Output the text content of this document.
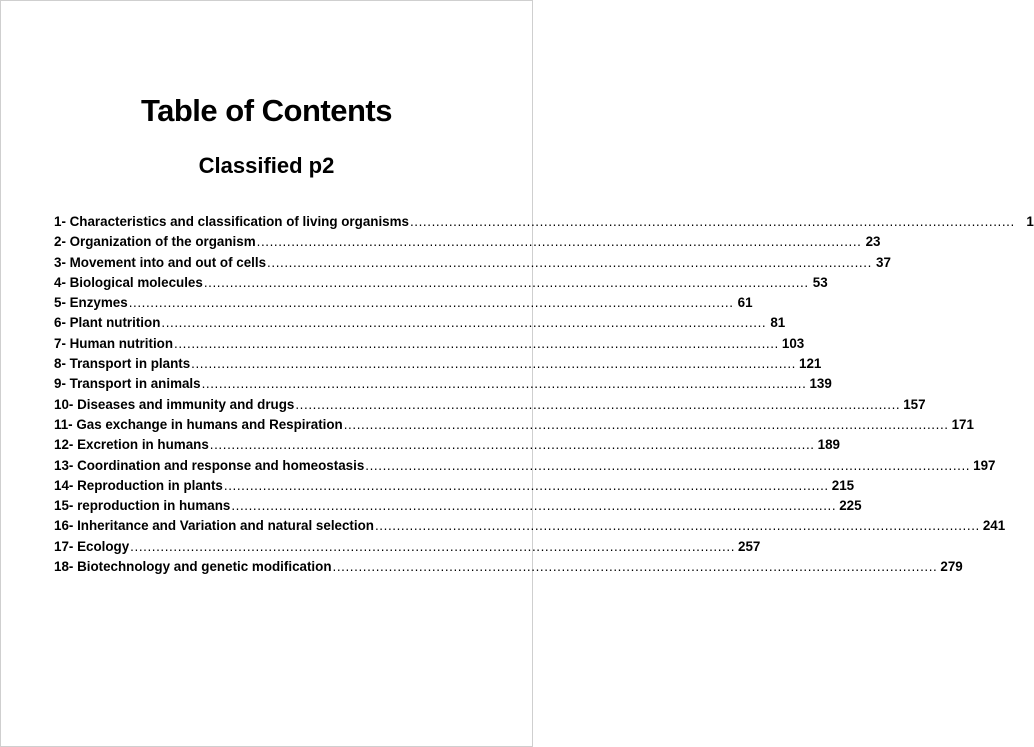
Table of Contents
Classified p2
1- Characteristics and classification of living organisms ............................................................................................................................................ 1
2- Organization of the organism ............................................................................................................................................ 23
3- Movement into and out of cells ............................................................................................................................................ 37
4- Biological molecules ............................................................................................................................................ 53
5- Enzymes ............................................................................................................................................ 61
6- Plant nutrition ............................................................................................................................................ 81
7- Human nutrition ............................................................................................................................................ 103
8- Transport in plants ............................................................................................................................................ 121
9- Transport in animals ............................................................................................................................................ 139
10- Diseases and immunity and drugs ............................................................................................................................................ 157
11- Gas exchange in humans and Respiration ............................................................................................................................................ 171
12- Excretion in humans ............................................................................................................................................ 189
13- Coordination and response and homeostasis ............................................................................................................................................ 197
14- Reproduction in plants ............................................................................................................................................ 215
15- reproduction in humans ............................................................................................................................................ 225
16- Inheritance and Variation and natural selection ............................................................................................................................................ 241
17- Ecology ............................................................................................................................................ 257
18- Biotechnology and genetic modification ............................................................................................................................................ 279
